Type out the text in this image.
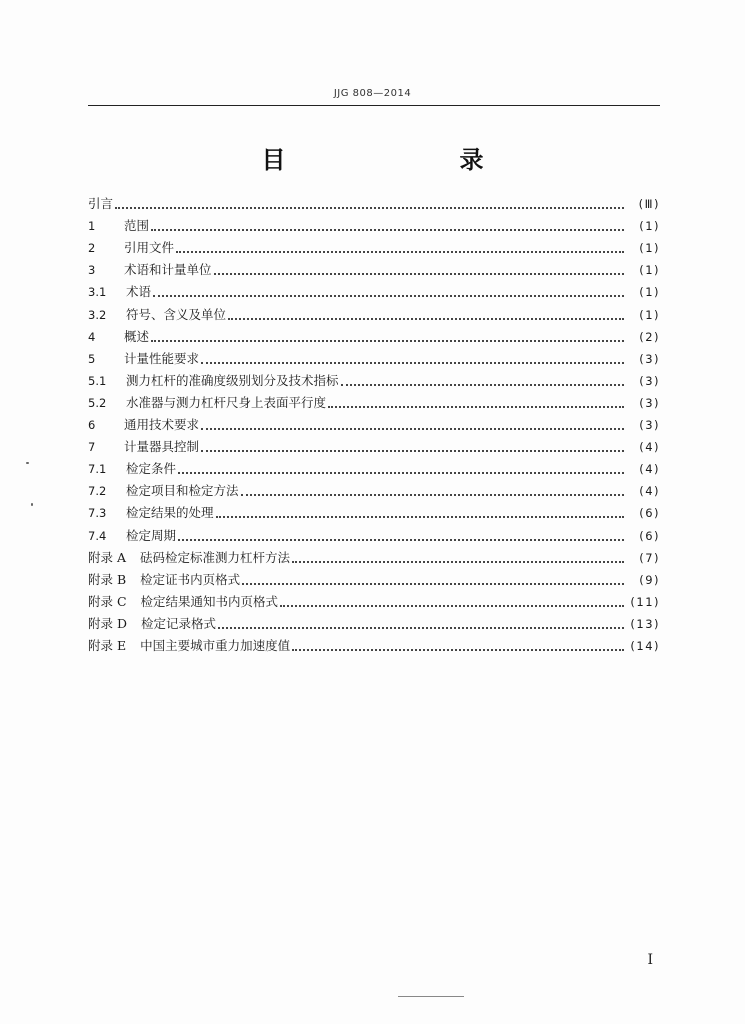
JJG 808—2014
目　　录
引言	(Ⅲ)
1	范围	(1)
2	引用文件	(1)
3	术语和计量单位	(1)
3.1	术语	(1)
3.2	符号、含义及单位	(1)
4	概述	(2)
5	计量性能要求	(3)
5.1	测力杠杆的准确度级别划分及技术指标	(3)
5.2	水准器与测力杠杆尺身上表面平行度	(3)
6	通用技术要求	(3)
7	计量器具控制	(4)
7.1	检定条件	(4)
7.2	检定项目和检定方法	(4)
7.3	检定结果的处理	(6)
7.4	检定周期	(6)
附录 A	砝码检定标准测力杠杆方法	(7)
附录 B	检定证书内页格式	(9)
附录 C	检定结果通知书内页格式	(11)
附录 D	检定记录格式	(13)
附录 E	中国主要城市重力加速度值	(14)
I
